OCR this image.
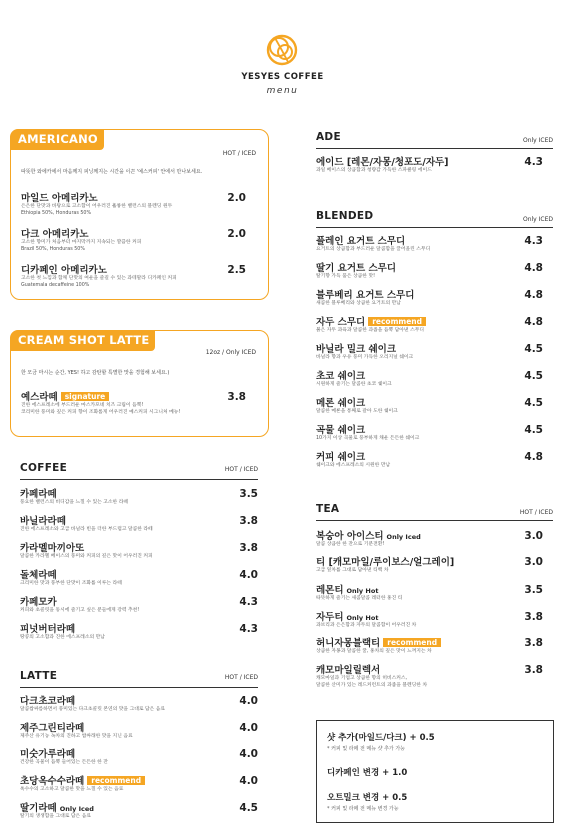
YESYES COFFEE
menu
AMERICANO
HOT / ICED
따뜻한 와에카에서 마음께지 피닝께지는 시간을 이끈 '예스커피' 안에서 만나보세요.
마일드 아메리카노
은은한 단맛과 바탕으로 고소함이 어우러진 훌륭한 밸런스의 블렌딩 원두
Ethiopia 50%, Honduras 50%
2.0
다크 아메리카노
고소한 향미가 처음부터 마지막까지 지속되는 깔끔한 커피
Brazil 50%, Honduras 50%
2.0
디카페인 아메리카노
고소한 첫 느낌과 함께 단맛의 여운을 즐길 수 있는 과테말라 디카페인 커피
Guatemala decaffeine 100%
2.5
CREAM SHOT LATTE
12oz / Only ICED
한 모금 마시는 순간, YES! 하고 감탄할 특별한 맛을 경험해 보세요.)
예스라떼 signature
진한 에스프레소에 부드러운 마스카포네 치즈 크림이 듬뿍!
코리미한 풍미와 깊은 커피 향이 조화롭게 어우러진 예스커피 시그니처 메뉴!
3.8
COFFEE	HOT / ICED
카페라떼
풍요한 밸런스의 비디감을 느낄 수 있는 고소한 라떼
3.5
바닐라라떼
진한 에스프레소와 고급 바닐라 빈을 더한 부드럽고 달콤한 라떼
3.8
카라멜마끼아또
달콤한 카라멜 베이스의 풍미와 커피의 깊은 맛이 어우러진 커피
3.8
돌체라떼
크리미한 맛과 풍부한 단맛이 조화를 이루는 라떼
4.0
카페모카
커피와 초콜릿을 동시에 즐기고 싶은 분들에게 강력 추천!
4.3
피넛버터라떼
땅콩의 고소함과 진한 에스프레소의 만남
4.3
LATTE	HOT / ICED
다크초코라떼
달콤쌉싸름하면서 풍미있는 다크초콜릿 본연의 맛을 그대로 담은 음료
4.0
제주그린티라떼
제주산 유기농 녹차의 진하고 쌉싸래한 맛을 지닌 음료
4.0
미숫가루라떼
건강한 곡물이 듬뿍 들어있는 든든한 한 잔
4.0
초당옥수수라떼 recommend
옥수수의 고소하고 달콤한 맛을 느낄 수 있는 음료
4.0
딸기라떼 Only Iced
딸기의 생생함을 그대로 담은 음료
4.5
ADE	Only ICED
에이드 [레몬/자몽/청포도/자두]
과일 베이스의 상큼함과 청량감 가득한 스파클링 에이드
4.3
BLENDED	Only ICED
플레인 요거트 스무디
요거트의 상큼함과 부드러운 달콤함을 끌어올린 스무디
4.3
딸기 요거트 스무디
딸기향 가득 품은 상큼한 맛!
4.8
블루베리 요거트 스무디
새콤한 블루베리와 상큼한 요거트의 만남
4.8
자두 스무디 recommend
붉은 자두 과육과 달콤한 과즙을 듬뿍 담아낸 스무디
4.8
바닐라 밀크 쉐이크
바닐라 향과 우유 풍미 가득한 오리지널 쉐이크
4.5
초코 쉐이크
시원하게 즐기는 달콤한 초코 쉐이크
4.5
메론 쉐이크
달콤한 메론을 통째로 갈아 도한 쉐이크
4.5
곡물 쉐이크
10가지 이상 곡물로 풍부하게 채운 든든한 쉐이크
4.5
커피 쉐이크
쉐이크와 에스프레소의 시원한 만남
4.8
TEA	HOT / ICED
복숭아 아이스티 Only Iced
달콤 상큼한 한 잔으로 기분전환!
3.0
티 [캐모마일/루이보스/얼그레이]
고급 잎차를 그대로 담아낸 티백 차
3.0
레몬티 Only Hot
따뜻하게 즐기는 새콤달콤 레터한 홍진 티
3.5
자두티 Only Hot
과브리과 은은함과 자두의 달콤함이 어우러진 차
3.8
허니자몽블랙티 recommend
상큼한 자몽과 달콤한 꿀, 홍차의 깊은 맛이 느껴지는 차
3.8
캐모마일릴렉서
캐모마일과 기업고 상큼한 향의 히비스커스,
달콤한 산미가 있는 레드커런트의 과즙을 블렌딩한 차
3.8
샷 추가(마일드/다크) + 0.5
* 커피 및 라떼 전 메뉴 샷 추가 가능
디카페인 변경 + 1.0
오트밀크 변경 + 0.5
* 커피 및 라떼 전 메뉴 변경 가능
